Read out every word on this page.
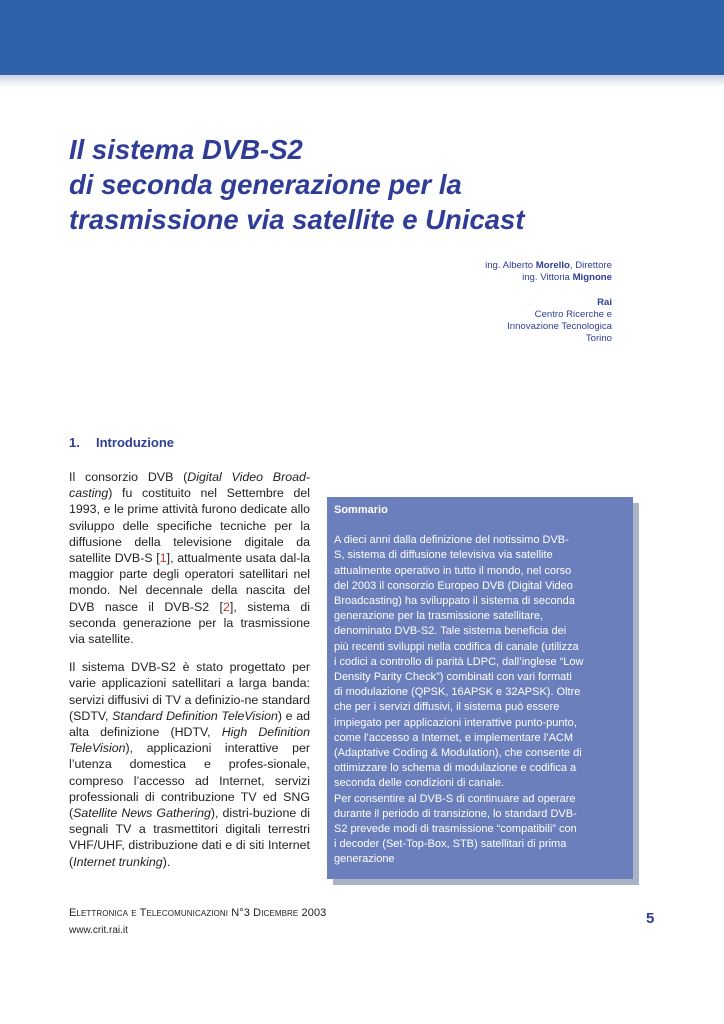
Il sistema DVB-S2
di seconda generazione per la
trasmissione via satellite e Unicast
ing. Alberto Morello, Direttore
ing. Vittoria Mignone
Rai
Centro Ricerche e
Innovazione Tecnologica
Torino
1. Introduzione

Il consorzio DVB (Digital Video Broad-casting) fu costituito nel Settembre del 1993, e le prime attività furono dedicate allo sviluppo delle specifiche tecniche per la diffusione della televisione digitale da satellite DVB-S [1], attualmente usata dal-la maggior parte degli operatori satellitari nel mondo. Nel decennale della nascita del DVB nasce il DVB-S2 [2], sistema di seconda generazione per la trasmissione via satellite.

Il sistema DVB-S2 è stato progettato per varie applicazioni satellitari a larga banda: servizi diffusivi di TV a definizio-ne standard (SDTV, Standard Definition TeleVision) e ad alta definizione (HDTV, High Definition TeleVision), applicazioni interattive per l’utenza domestica e profes-sionale, compreso l’accesso ad Internet, servizi professionali di contribuzione TV ed SNG (Satellite News Gathering), distri-buzione di segnali TV a trasmettitori digitali terrestri VHF/UHF, distribuzione dati e di siti Internet (Internet trunking).

Sommario
A dieci anni dalla definizione del notissimo DVB-
S, sistema di diffusione televisiva via satellite
attualmente operativo in tutto il mondo, nel corso
del 2003 il consorzio Europeo DVB (Digital Video
Broadcasting) ha sviluppato il sistema di seconda
generazione per la trasmissione satellitare,
denominato DVB-S2. Tale sistema beneficia dei
più recenti sviluppi nella codifica di canale (utilizza
i codici a controllo di parità LDPC, dall’inglese “Low
Density Parity Check”) combinati con vari formati
di modulazione (QPSK, 16APSK e 32APSK). Oltre
che per i servizi diffusivi, il sistema può essere
impiegato per applicazioni interattive punto-punto,
come l’accesso a Internet, e implementare l’ACM
(Adaptative Coding & Modulation), che consente di
ottimizzare lo schema di modulazione e codifica a
seconda delle condizioni di canale.
Per consentire al DVB-S di continuare ad operare
durante il periodo di transizione, lo standard DVB-
S2 prevede modi di trasmissione “compatibili” con
i decoder (Set-Top-Box, STB) satellitari di prima
generazione
Elettronica e Telecomunicazioni N°3 Dicembre 2003
www.crit.rai.it
5
